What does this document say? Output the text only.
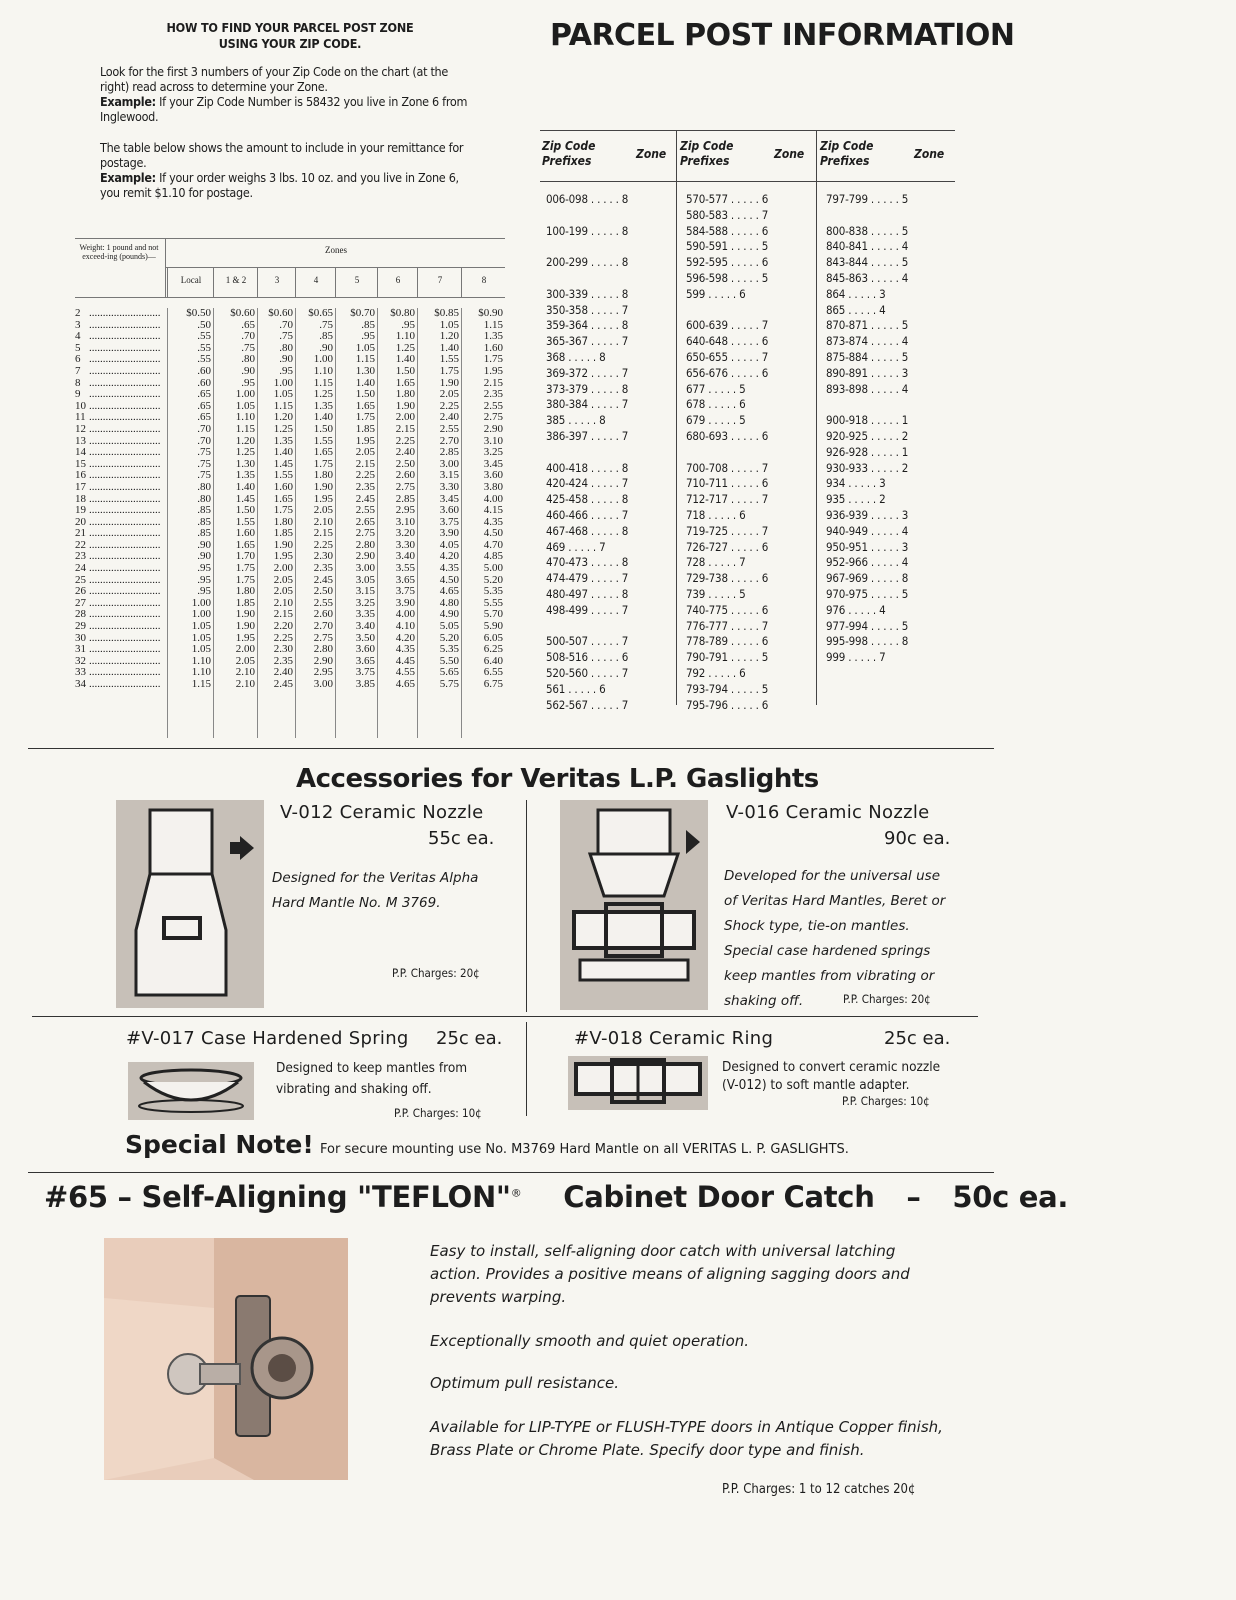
HOW TO FIND YOUR PARCEL POST ZONE
USING YOUR ZIP CODE.

Look for the first 3 numbers of your Zip Code on the chart (at the right) read across to determine your Zone.

Example: If your Zip Code Number is 58432 you live in Zone 6 from Inglewood.

The table below shows the amount to include in your remittance for postage.

Example: If your order weighs 3 lbs. 10 oz. and you live in Zone 6, you remit $1.10 for postage.

PARCEL POST INFORMATION
Weight: 1 pound and not exceed-ing (pounds)—
Zones
Local	1 & 2	3	4	5	6	7	8
2 ..........................	$0.50	$0.60	$0.60	$0.65	$0.70	$0.80	$0.85	$0.90
3 ..........................	.50	.65	.70	.75	.85	.95	1.05	1.15
4 ..........................	.55	.70	.75	.85	.95	1.10	1.20	1.35
5 ..........................	.55	.75	.80	.90	1.05	1.25	1.40	1.60
6 ..........................	.55	.80	.90	1.00	1.15	1.40	1.55	1.75
7 ..........................	.60	.90	.95	1.10	1.30	1.50	1.75	1.95
8 ..........................	.60	.95	1.00	1.15	1.40	1.65	1.90	2.15
9 ..........................	.65	1.00	1.05	1.25	1.50	1.80	2.05	2.35
10 ..........................	.65	1.05	1.15	1.35	1.65	1.90	2.25	2.55
11 ..........................	.65	1.10	1.20	1.40	1.75	2.00	2.40	2.75
12 ..........................	.70	1.15	1.25	1.50	1.85	2.15	2.55	2.90
13 ..........................	.70	1.20	1.35	1.55	1.95	2.25	2.70	3.10
14 ..........................	.75	1.25	1.40	1.65	2.05	2.40	2.85	3.25
15 ..........................	.75	1.30	1.45	1.75	2.15	2.50	3.00	3.45
16 ..........................	.75	1.35	1.55	1.80	2.25	2.60	3.15	3.60
17 ..........................	.80	1.40	1.60	1.90	2.35	2.75	3.30	3.80
18 ..........................	.80	1.45	1.65	1.95	2.45	2.85	3.45	4.00
19 ..........................	.85	1.50	1.75	2.05	2.55	2.95	3.60	4.15
20 ..........................	.85	1.55	1.80	2.10	2.65	3.10	3.75	4.35
21 ..........................	.85	1.60	1.85	2.15	2.75	3.20	3.90	4.50
22 ..........................	.90	1.65	1.90	2.25	2.80	3.30	4.05	4.70
23 ..........................	.90	1.70	1.95	2.30	2.90	3.40	4.20	4.85
24 ..........................	.95	1.75	2.00	2.35	3.00	3.55	4.35	5.00
25 ..........................	.95	1.75	2.05	2.45	3.05	3.65	4.50	5.20
26 ..........................	.95	1.80	2.05	2.50	3.15	3.75	4.65	5.35
27 ..........................	1.00	1.85	2.10	2.55	3.25	3.90	4.80	5.55
28 ..........................	1.00	1.90	2.15	2.60	3.35	4.00	4.90	5.70
29 ..........................	1.05	1.90	2.20	2.70	3.40	4.10	5.05	5.90
30 ..........................	1.05	1.95	2.25	2.75	3.50	4.20	5.20	6.05
31 ..........................	1.05	2.00	2.30	2.80	3.60	4.35	5.35	6.25
32 ..........................	1.10	2.05	2.35	2.90	3.65	4.45	5.50	6.40
33 ..........................	1.10	2.10	2.40	2.95	3.75	4.55	5.65	6.55
34 ..........................	1.15	2.10	2.45	3.00	3.85	4.65	5.75	6.75
Zip Code
Prefixes	Zone
Zip Code
Prefixes	Zone
Zip Code
Prefixes	Zone
006-098 . . . . . 8
100-199 . . . . . 8
200-299 . . . . . 8
300-339 . . . . . 8
350-358 . . . . . 7
359-364 . . . . . 8
365-367 . . . . . 7
368 . . . . . 8
369-372 . . . . . 7
373-379 . . . . . 8
380-384 . . . . . 7
385 . . . . . 8
386-397 . . . . . 7
400-418 . . . . . 8
420-424 . . . . . 7
425-458 . . . . . 8
460-466 . . . . . 7
467-468 . . . . . 8
469 . . . . . 7
470-473 . . . . . 8
474-479 . . . . . 7
480-497 . . . . . 8
498-499 . . . . . 7
500-507 . . . . . 7
508-516 . . . . . 6
520-560 . . . . . 7
561 . . . . . 6
562-567 . . . . . 7
570-577 . . . . . 6
580-583 . . . . . 7
584-588 . . . . . 6
590-591 . . . . . 5
592-595 . . . . . 6
596-598 . . . . . 5
599 . . . . . 6
600-639 . . . . . 7
640-648 . . . . . 6
650-655 . . . . . 7
656-676 . . . . . 6
677 . . . . . 5
678 . . . . . 6
679 . . . . . 5
680-693 . . . . . 6
700-708 . . . . . 7
710-711 . . . . . 6
712-717 . . . . . 7
718 . . . . . 6
719-725 . . . . . 7
726-727 . . . . . 6
728 . . . . . 7
729-738 . . . . . 6
739 . . . . . 5
740-775 . . . . . 6
776-777 . . . . . 7
778-789 . . . . . 6
790-791 . . . . . 5
792 . . . . . 6
793-794 . . . . . 5
795-796 . . . . . 6
797-799 . . . . . 5
800-838 . . . . . 5
840-841 . . . . . 4
843-844 . . . . . 5
845-863 . . . . . 4
864 . . . . . 3
865 . . . . . 4
870-871 . . . . . 5
873-874 . . . . . 4
875-884 . . . . . 5
890-891 . . . . . 3
893-898 . . . . . 4
900-918 . . . . . 1
920-925 . . . . . 2
926-928 . . . . . 1
930-933 . . . . . 2
934 . . . . . 3
935 . . . . . 2
936-939 . . . . . 3
940-949 . . . . . 4
950-951 . . . . . 3
952-966 . . . . . 4
967-969 . . . . . 8
970-975 . . . . . 5
976 . . . . . 4
977-994 . . . . . 5
995-998 . . . . . 8
999 . . . . . 7
Accessories for Veritas L.P. Gaslights
V-012 Ceramic Nozzle
55c ea.
Designed for the Veritas Alpha Hard Mantle No. M 3769.
P.P. Charges: 20¢
V-016 Ceramic Nozzle
90c ea.
Developed for the universal use of Veritas Hard Mantles, Beret or Shock type, tie-on mantles. Special case hardened springs keep mantles from vibrating or shaking off.	P.P. Charges: 20¢
#V-017 Case Hardened Spring 25c ea.
Designed to keep mantles from vibrating and shaking off.
P.P. Charges: 10¢
#V-018 Ceramic Ring	25c ea.
Designed to convert ceramic nozzle (V-012) to soft mantle adapter.
P.P. Charges: 10¢
Special Note! For secure mounting use No. M3769 Hard Mantle on all VERITAS L. P. GASLIGHTS.
#65 – Self-Aligning "TEFLON"® Cabinet Door Catch – 50c ea.
Easy to install, self-aligning door catch with universal latching action. Provides a positive means of aligning sagging doors and prevents warping.
Exceptionally smooth and quiet operation.
Optimum pull resistance.
Available for LIP-TYPE or FLUSH-TYPE doors in Antique Copper finish, Brass Plate or Chrome Plate. Specify door type and finish.
P.P. Charges: 1 to 12 catches 20¢
